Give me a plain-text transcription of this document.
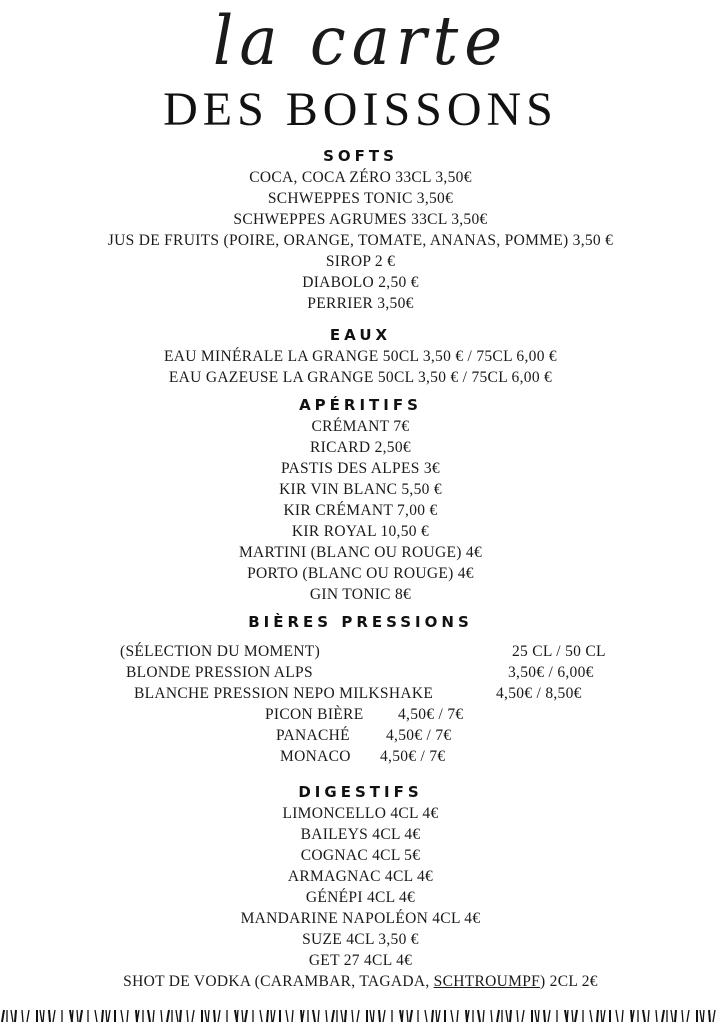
la carte
DES BOISSONS
SOFTS
COCA, COCA ZÉRO 33CL 3,50€
SCHWEPPES TONIC 3,50€
SCHWEPPES AGRUMES 33CL 3,50€
JUS DE FRUITS (POIRE, ORANGE, TOMATE, ANANAS, POMME) 3,50 €
SIROP 2 €
DIABOLO 2,50 €
PERRIER 3,50€
EAUX
EAU MINÉRALE LA GRANGE 50CL 3,50 € / 75CL 6,00 €
EAU GAZEUSE LA GRANGE 50CL 3,50 € / 75CL 6,00 €
APÉRITIFS
CRÉMANT 7€
RICARD 2,50€
PASTIS DES ALPES 3€
KIR VIN BLANC 5,50 €
KIR CRÉMANT 7,00 €
KIR ROYAL 10,50 €
MARTINI (BLANC OU ROUGE) 4€
PORTO (BLANC OU ROUGE) 4€
GIN TONIC 8€
BIÈRES PRESSIONS
(SÉLECTION DU MOMENT)	25 CL / 50 CL
BLONDE PRESSION ALPS	3,50€ / 6,00€
BLANCHE PRESSION NEPO MILKSHAKE	4,50€ / 8,50€
PICON BIÈRE 4,50€ / 7€
PANACHÉ 4,50€ / 7€
MONACO 4,50€ / 7€
DIGESTIFS
LIMONCELLO 4CL 4€
BAILEYS 4CL 4€
COGNAC 4CL 5€
ARMAGNAC 4CL 4€
GÉNÉPI 4CL 4€
MANDARINE NAPOLÉON 4CL 4€
SUZE 4CL 3,50 €
GET 27 4CL 4€
SHOT DE VODKA (CARAMBAR, TAGADA, SCHTROUMPF) 2CL 2€
